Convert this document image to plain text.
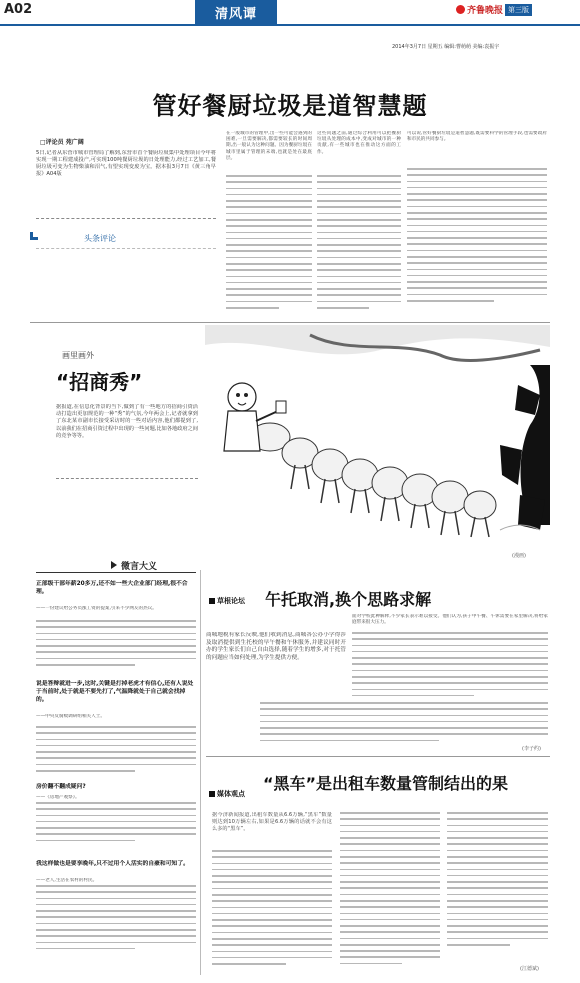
A02	清风谭	齐鲁晚报 第三版
2014年3月7日 星期五 编辑:曹萌萌 美编:袁振宇
管好餐厨垃圾是道智慧题
□评论员 苑广阔
5日,记者从东营市城市管理局了解到,东营市首个餐厨垃圾集中处理项目今年将实现一期工程建成投产,可实现100吨餐厨垃圾的日处理能力,经过工艺加工,餐厨垃圾可变为生物柴油和沼气,有望实现变废为宝。据本报3月7日《黄三角早报》A04版
头条评论
在一般城市的管理中,出一些可能会遇到的困难,一旦需要解决,都需要较长的时间周期,出一般认为这种问题。因为餐厨垃圾在城市里属于管理的末端,也就是处在最底层。
这些问题之前,通过综合利用可以把餐厨垃圾从处理的成本中,变成对城市的一种贡献,有一些城市也在推动这方面的工作。
可以说,管好餐厨垃圾是道智慧题,既需要科学的管理手段,也需要政府和市民的共同参与。
画里画外
“招商秀”
据报道,在信息化背景的当下,做到了有一些地方的招商引资活动打造出更加规范的一种“秀”的气氛,今年两会上,记者就拿到了东北某市副市长接受采访时的一些对话内容,他们都提到了,以前我们在招商引资过程中出现的一些问题,比如各地政府之间的竞争等等。
(漫画)
微言大义
正部级干部年薪20多万,还不如一些大企业部门经理,很不合理。
——一份建议给公务员涨工资的提案,引来不少网友的热议。
说是答辩就进一步,这时,关键是打掉老虎才有信心,还有人说处于当前时,处于就是不要先打了,气温降就处于自己就会找掉的。
——中央反腐败调研组相关人士。
房价翻不翻成疑问?
——《房地产观察》。
我这样做也是要享晚年,只不过用个人活实的自豪和可知了。
——老人,生活在农村的村民。
草根论坛 午托取消,换个思路求解
商城地税有家长反映,他们收到消息,商城各公办小学得涉及取消提供到生托校的早午餐和午休服务,并建议同时开办的学生家长们自己自由选择,随着学生的增多,对于托管的问题应当如何处理,为学生提供方便。
面对学校此种解释,不少家长表示难以接受。他们认为,孩子中午餐、午休需要在家里解决,将给家庭带来很大压力。
(李子约)
媒体观点
“黑车”是出租车数量管制结出的果
据今济新闻报道,出租车数量从6.6万辆,“黑车”数量则达到10万辆左右,如果是6.6万辆的话就不会有这么多的“黑车”。
(江德斌)
